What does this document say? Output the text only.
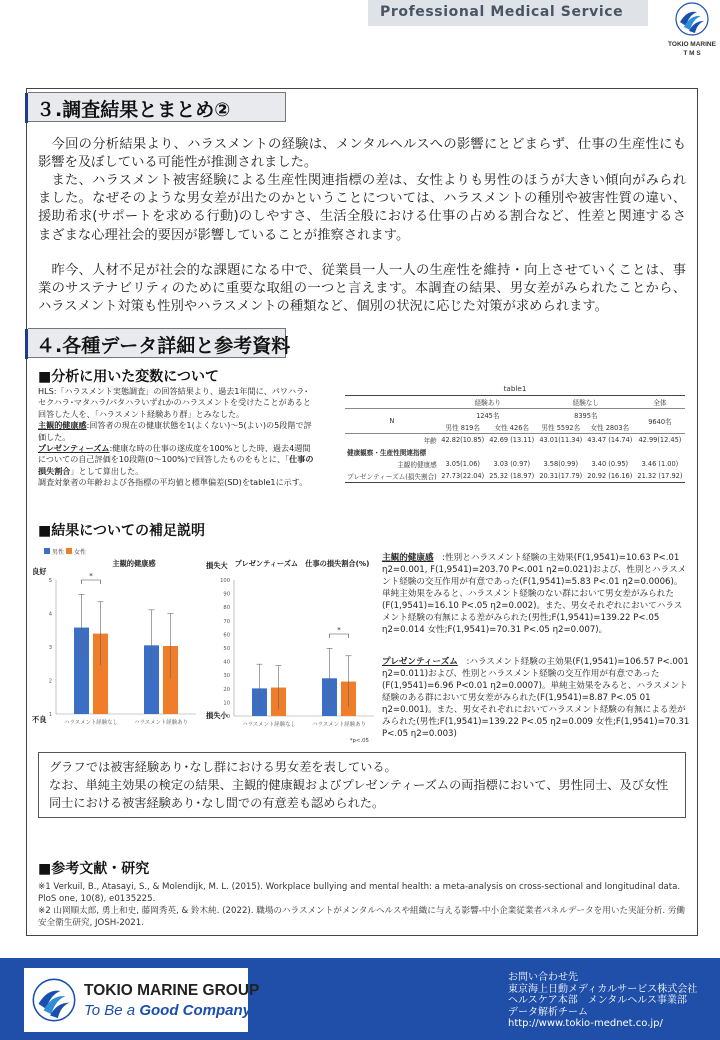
Professional Medical Service
TOKIO MARINE
T M S
３.調査結果とまとめ②
　今回の分析結果より、ハラスメントの経験は、メンタルヘルスへの影響にとどまらず、仕事の生産性にも影響を及ぼしている可能性が推測されました。
　また、ハラスメント被害経験による生産性関連指標の差は、女性よりも男性のほうが大きい傾向がみられました。なぜそのような男女差が出たのかということについては、ハラスメントの種別や被害性質の違い、援助希求(サポートを求める行動)のしやすさ、生活全般における仕事の占める割合など、性差と関連するさまざまな心理社会的要因が影響していることが推察されます。
　昨今、人材不足が社会的な課題になる中で、従業員一人一人の生産性を維持・向上させていくことは、事業のサステナビリティのために重要な取組の一つと言えます。本調査の結果、男女差がみられたことから、ハラスメント対策も性別やハラスメントの種類など、個別の状況に応じた対策が求められます。
４.各種データ詳細と参考資料
■分析に用いた変数について
HLS:「ハラスメント実態調査」の回答結果より、過去1年間に、パワハラ･セクハラ･マタハラ/パタハラいずれかのハラスメントを受けたことがあると回答した人を、「ハラスメント経験あり群」とみなした。
主観的健康感:回答者の現在の健康状態を1(よくない)～5(よい)の5段階で評価した。
プレゼンティーズム:健康な時の仕事の遂成度を100%とした時、過去4週間についての自己評価を10段階(0～100%)で回答したものをもとに、「仕事の損失割合」として算出した。
調査対象者の年齢および各指標の平均値と標準偏差(SD)をtable1に示す。
table1
	経験あり		経験なし		全体
N	1245名		8395名		9640名
	男性 819名	女性 426名	男性 5592名	女性 2803名	
年齢	42.82(10.85)	42.69 (13.11)	43.01(11.34)	43.47 (14.74)	42.99(12.45)
健康観察・生産性関連指標					
主観的健康感	3.05(1.06)	3.03 (0.97)	3.58(0.99)	3.40 (0.95)	3.46 (1.00)
プレゼンティーズム(損失割合)	27.73(22.04)	25.32 (18.97)	20.31(17.79)	20.92 (16.16)	21.32 (17.92)
■結果についての補足説明
主観的健康感
男性 女性
良好
不良 1
2
3
4
5
ハラスメント経験なし
*
ハラスメント経験あり
プレゼンティーズム　仕事の損失割合(%)
損失大
損失小 0
10
20
30
40
50
60
70
80
90
100
ハラスメント経験なし	ハラスメント経験あり
*
*p<.05
主観的健康感　:性別とハラスメント経験の主効果(F(1,9541)=10.63 P<.01 η2=0.001, F(1,9541)=203.70 P<.001 η2=0.021)および、性別とハラスメント経験の交互作用が有意であった(F(1,9541)=5.83 P<.01 η2=0.0006)。単純主効果をみると、ハラスメント経験のない群において男女差がみられた(F(1,9541)=16.10 P<.05 η2=0.002)。また、男女それぞれにおいてハラスメント経験の有無による差がみられた(男性;F(1,9541)=139.22 P<.05 η2=0.014 女性;F(1,9541)=70.31 P<.05 η2=0.007)。
プレゼンティーズム　:ハラスメント経験の主効果(F(1,9541)=106.57 P<.001 η2=0.011)および、性別とハラスメント経験の交互作用が有意であった(F(1,9541)=6.96 P<0.01 η2=0.0007)。単純主効果をみると、ハラスメント経験のある群において男女差がみられた(F(1,9541)=8.87 P<.05 01 η2=0.001)。また、男女それぞれにおいてハラスメント経験の有無による差がみられた(男性;F(1,9541)=139.22 P<.05 η2=0.009 女性;F(1,9541)=70.31 P<.05 η2=0.003)
グラフでは被害経験あり･なし群における男女差を表している。
なお、単純主効果の検定の結果、主観的健康観およびプレゼンティーズムの両指標において、男性同士、及び女性同士における被害経験あり･なし間での有意差も認められた。
■参考文献・研究
※1 Verkuil, B., Atasayi, S., & Molendijk, M. L. (2015). Workplace bullying and mental health: a meta-analysis on cross-sectional and longitudinal data. PloS one, 10(8), e0135225.
※2 山岡順太郎, 勇上和史, 藤岡秀英, & 鈴木純. (2022). 職場のハラスメントがメンタルヘルスや組織に与える影響-中小企業従業者パネルデータを用いた実証分析. 労働安全衛生研究, JOSH-2021.
TOKIO MARINE GROUP
To Be a Good Company
お問い合わせ先
東京海上日動メディカルサービス株式会社
ヘルスケア本部　メンタルヘルス事業部
データ解析チーム
http://www.tokio-mednet.co.jp/
